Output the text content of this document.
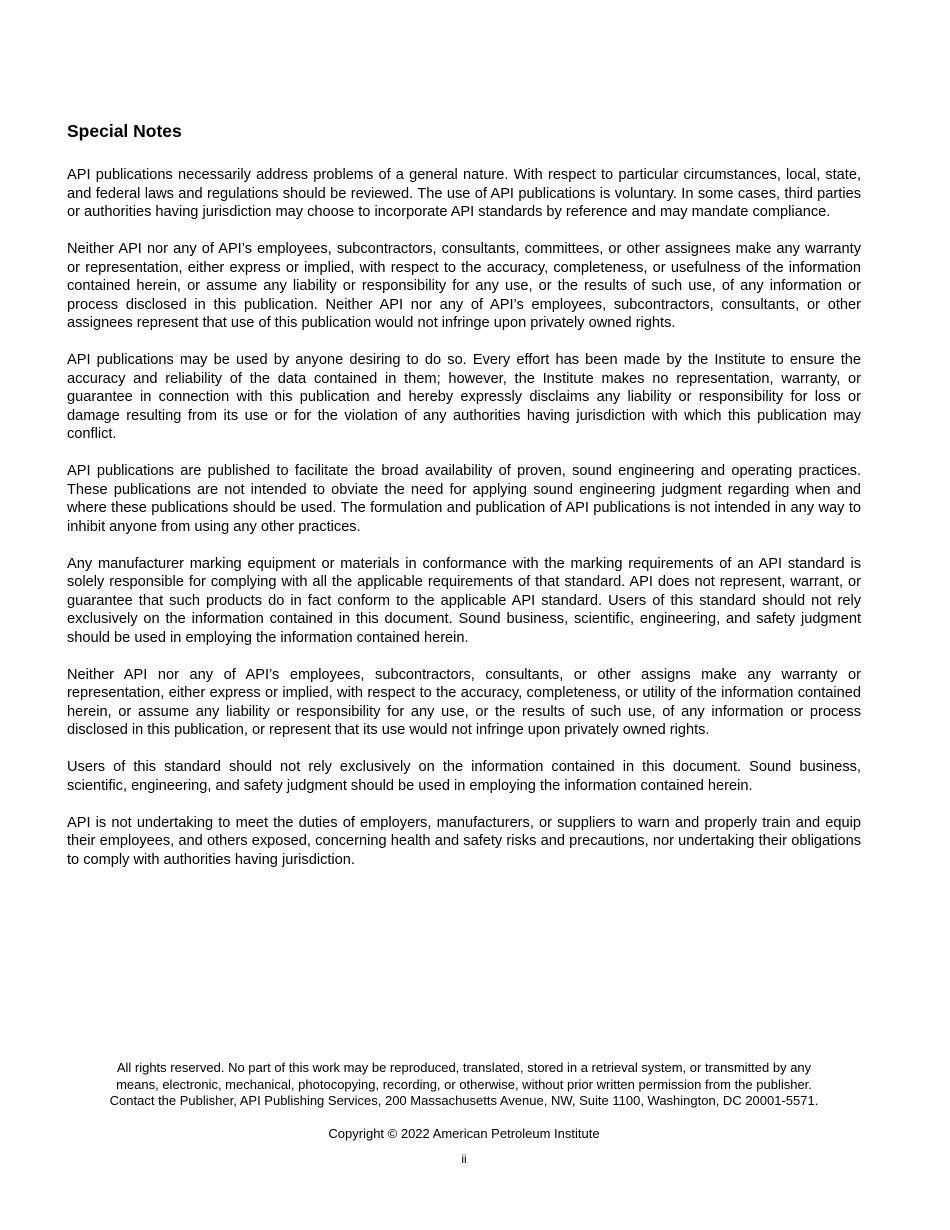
Special Notes

API publications necessarily address problems of a general nature. With respect to particular circumstances, local, state, and federal laws and regulations should be reviewed. The use of API publications is voluntary. In some cases, third parties or authorities having jurisdiction may choose to incorporate API standards by reference and may mandate compliance.

Neither API nor any of API’s employees, subcontractors, consultants, committees, or other assignees make any warranty or representation, either express or implied, with respect to the accuracy, completeness, or usefulness of the information contained herein, or assume any liability or responsibility for any use, or the results of such use, of any information or process disclosed in this publication. Neither API nor any of API’s employees, subcontractors, consultants, or other assignees represent that use of this publication would not infringe upon privately owned rights.

API publications may be used by anyone desiring to do so. Every effort has been made by the Institute to ensure the accuracy and reliability of the data contained in them; however, the Institute makes no representation, warranty, or guarantee in connection with this publication and hereby expressly disclaims any liability or responsibility for loss or damage resulting from its use or for the violation of any authorities having jurisdiction with which this publication may conflict.

API publications are published to facilitate the broad availability of proven, sound engineering and operating practices. These publications are not intended to obviate the need for applying sound engineering judgment regarding when and where these publications should be used. The formulation and publication of API publications is not intended in any way to inhibit anyone from using any other practices.

Any manufacturer marking equipment or materials in conformance with the marking requirements of an API standard is solely responsible for complying with all the applicable requirements of that standard. API does not represent, warrant, or guarantee that such products do in fact conform to the applicable API standard. Users of this standard should not rely exclusively on the information contained in this document. Sound business, scientific, engineering, and safety judgment should be used in employing the information contained herein.

Neither API nor any of API’s employees, subcontractors, consultants, or other assigns make any warranty or representation, either express or implied, with respect to the accuracy, completeness, or utility of the information contained herein, or assume any liability or responsibility for any use, or the results of such use, of any information or process disclosed in this publication, or represent that its use would not infringe upon privately owned rights.

Users of this standard should not rely exclusively on the information contained in this document. Sound business, scientific, engineering, and safety judgment should be used in employing the information contained herein.

API is not undertaking to meet the duties of employers, manufacturers, or suppliers to warn and properly train and equip their employees, and others exposed, concerning health and safety risks and precautions, nor undertaking their obligations to comply with authorities having jurisdiction.

All rights reserved. No part of this work may be reproduced, translated, stored in a retrieval system, or transmitted by any
means, electronic, mechanical, photocopying, recording, or otherwise, without prior written permission from the publisher.
Contact the Publisher, API Publishing Services, 200 Massachusetts Avenue, NW, Suite 1100, Washington, DC 20001-5571.
Copyright © 2022 American Petroleum Institute
ii
